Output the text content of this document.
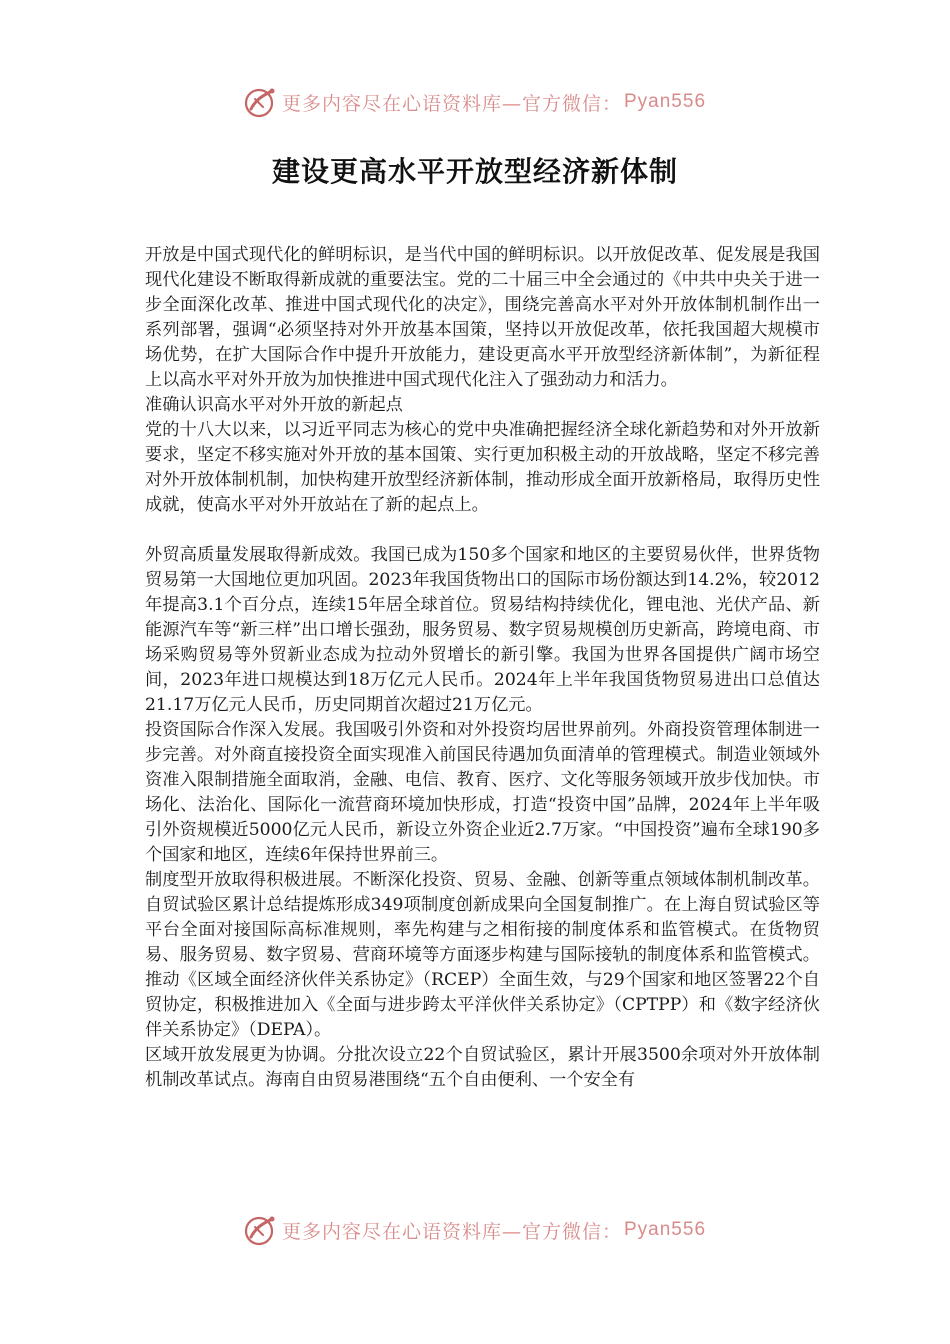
更多内容尽在心语资料库—官方微信： Pyan556
建设更高水平开放型经济新体制

开放是中国式现代化的鲜明标识，是当代中国的鲜明标识。以开放促改革、促发展是我国现代化建设不断取得新成就的重要法宝。党的二十届三中全会通过的《中共中央关于进一步全面深化改革、推进中国式现代化的决定》，围绕完善高水平对外开放体制机制作出一系列部署，强调“必须坚持对外开放基本国策，坚持以开放促改革，依托我国超大规模市场优势，在扩大国际合作中提升开放能力，建设更高水平开放型经济新体制”，为新征程上以高水平对外开放为加快推进中国式现代化注入了强劲动力和活力。

准确认识高水平对外开放的新起点

党的十八大以来，以习近平同志为核心的党中央准确把握经济全球化新趋势和对外开放新要求，坚定不移实施对外开放的基本国策、实行更加积极主动的开放战略，坚定不移完善对外开放体制机制，加快构建开放型经济新体制，推动形成全面开放新格局，取得历史性成就，使高水平对外开放站在了新的起点上。

外贸高质量发展取得新成效。我国已成为150多个国家和地区的主要贸易伙伴，世界货物贸易第一大国地位更加巩固。2023年我国货物出口的国际市场份额达到14.2%，较2012年提高3.1个百分点，连续15年居全球首位。贸易结构持续优化，锂电池、光伏产品、新能源汽车等“新三样”出口增长强劲，服务贸易、数字贸易规模创历史新高，跨境电商、市场采购贸易等外贸新业态成为拉动外贸增长的新引擎。我国为世界各国提供广阔市场空间，2023年进口规模达到18万亿元人民币。2024年上半年我国货物贸易进出口总值达21.17万亿元人民币，历史同期首次超过21万亿元。

投资国际合作深入发展。我国吸引外资和对外投资均居世界前列。外商投资管理体制进一步完善。对外商直接投资全面实现准入前国民待遇加负面清单的管理模式。制造业领域外资准入限制措施全面取消，金融、电信、教育、医疗、文化等服务领域开放步伐加快。市场化、法治化、国际化一流营商环境加快形成，打造“投资中国”品牌，2024年上半年吸引外资规模近5000亿元人民币，新设立外资企业近2.7万家。“中国投资”遍布全球190多个国家和地区，连续6年保持世界前三。

制度型开放取得积极进展。不断深化投资、贸易、金融、创新等重点领域体制机制改革。自贸试验区累计总结提炼形成349项制度创新成果向全国复制推广。在上海自贸试验区等平台全面对接国际高标准规则，率先构建与之相衔接的制度体系和监管模式。在货物贸易、服务贸易、数字贸易、营商环境等方面逐步构建与国际接轨的制度体系和监管模式。推动《区域全面经济伙伴关系协定》（RCEP）全面生效，与29个国家和地区签署22个自贸协定，积极推进加入《全面与进步跨太平洋伙伴关系协定》（CPTPP）和《数字经济伙伴关系协定》（DEPA）。

区域开放发展更为协调。分批次设立22个自贸试验区，累计开展3500余项对外开放体制机制改革试点。海南自由贸易港围绕“五个自由便利、一个安全有

更多内容尽在心语资料库—官方微信： Pyan556
